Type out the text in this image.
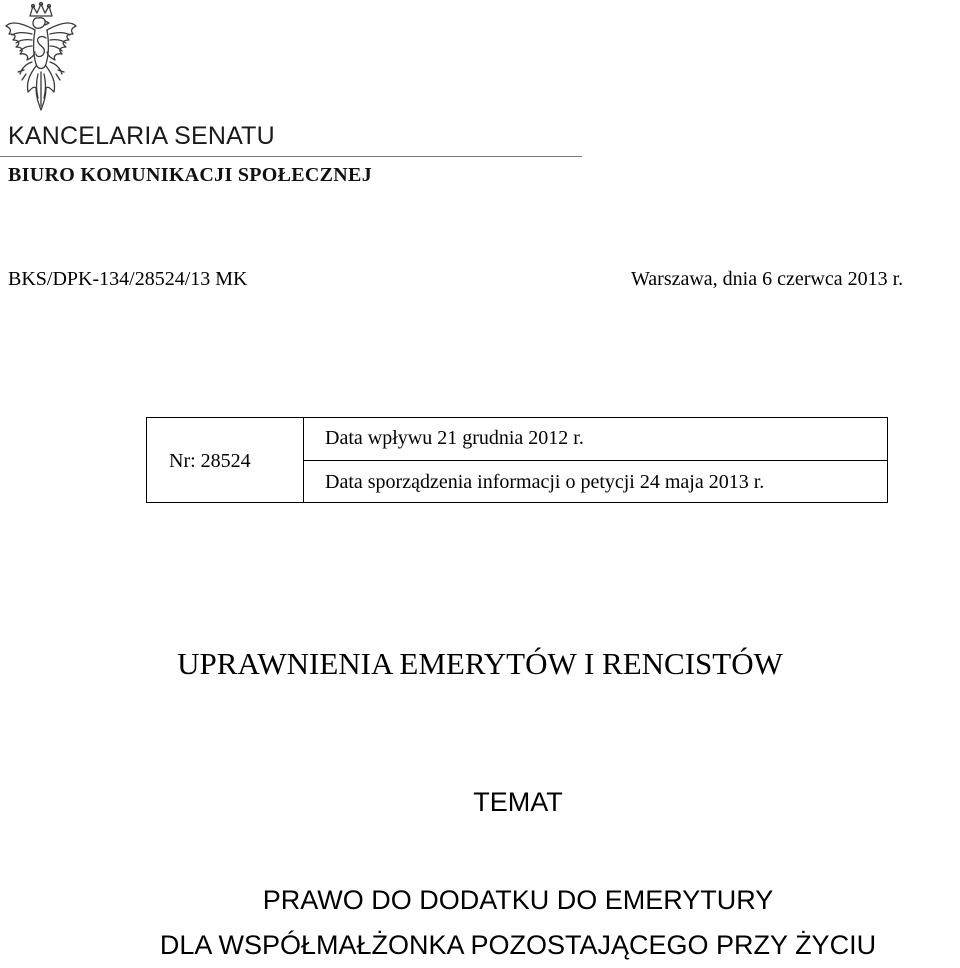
KANCELARIA SENATU
BIURO KOMUNIKACJI SPOŁECZNEJ
BKS/DPK-134/28524/13 MK	Warszawa, dnia 6 czerwca 2013 r.
Nr: 28524
Data wpływu 21 grudnia 2012 r.
Data sporządzenia informacji o petycji 24 maja 2013 r.
UPRAWNIENIA EMERYTÓW I RENCISTÓW
TEMAT
PRAWO DO DODATKU DO EMERYTURY
DLA WSPÓŁMAŁŻONKA POZOSTAJĄCEGO PRZY ŻYCIU
